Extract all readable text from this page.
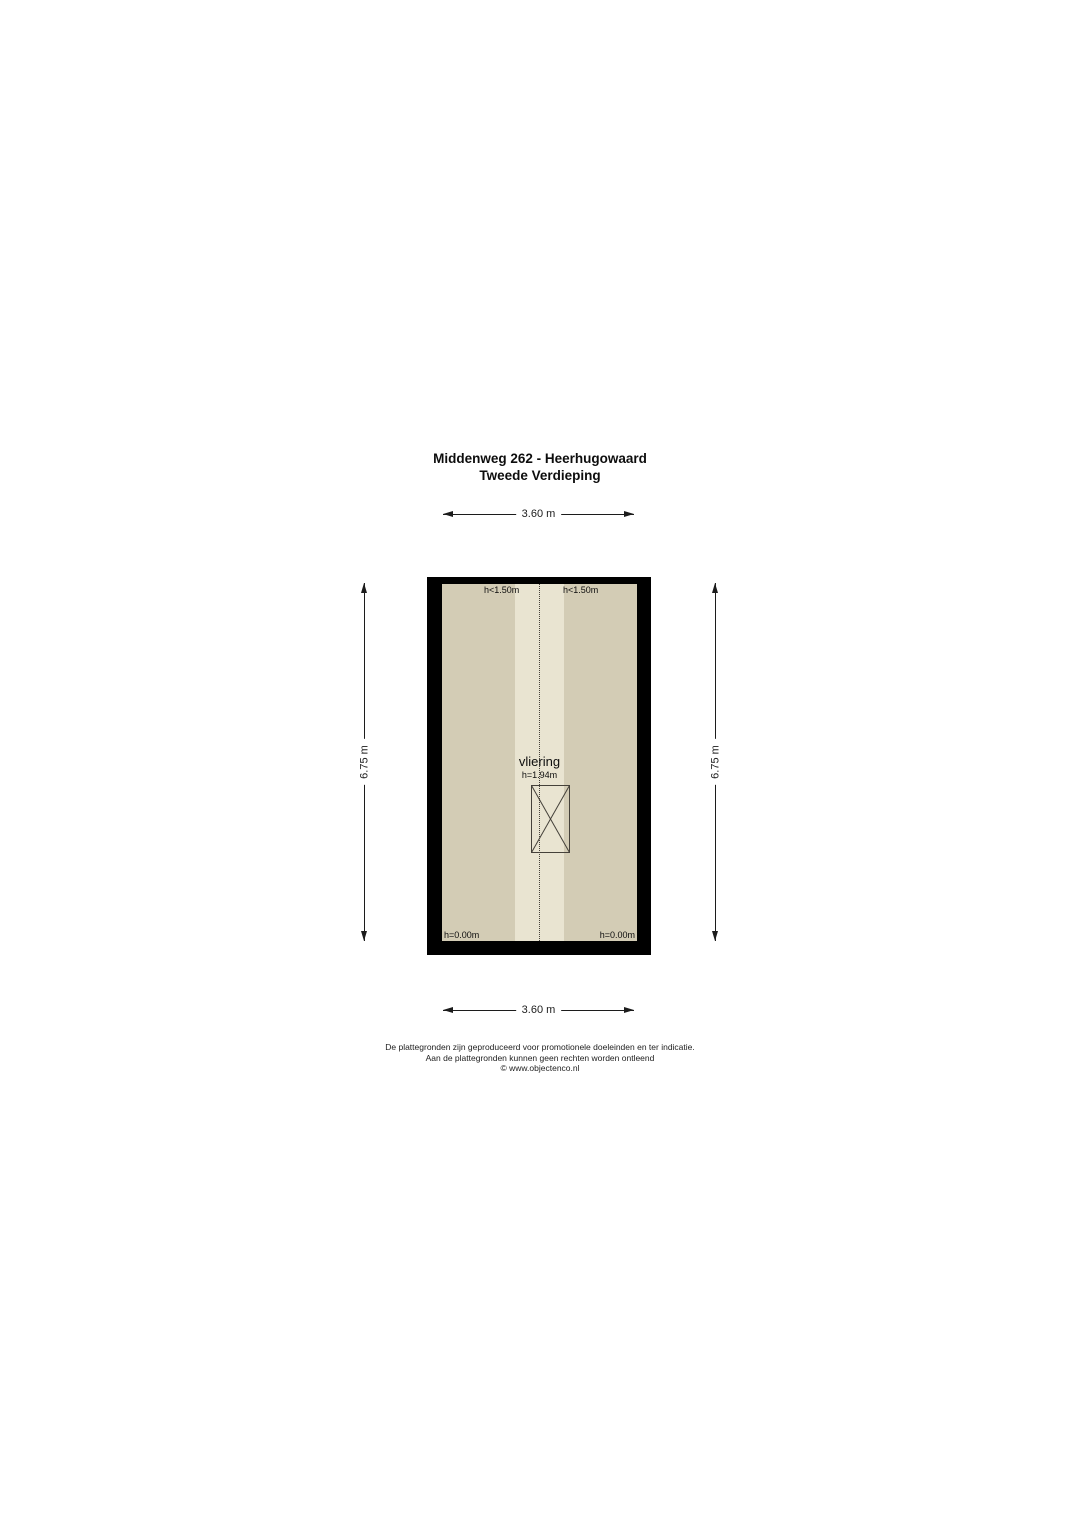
Middenweg 262 - Heerhugowaard
Tweede Verdieping
3.60 m
6.75 m	6.75 m
h<1.50m	h<1.50m
h=0.00m	h=0.00m
vliering
h=1.94m
3.60 m
De plattegronden zijn geproduceerd voor promotionele doeleinden en ter indicatie.
Aan de plattegronden kunnen geen rechten worden ontleend
© www.objectenco.nl
